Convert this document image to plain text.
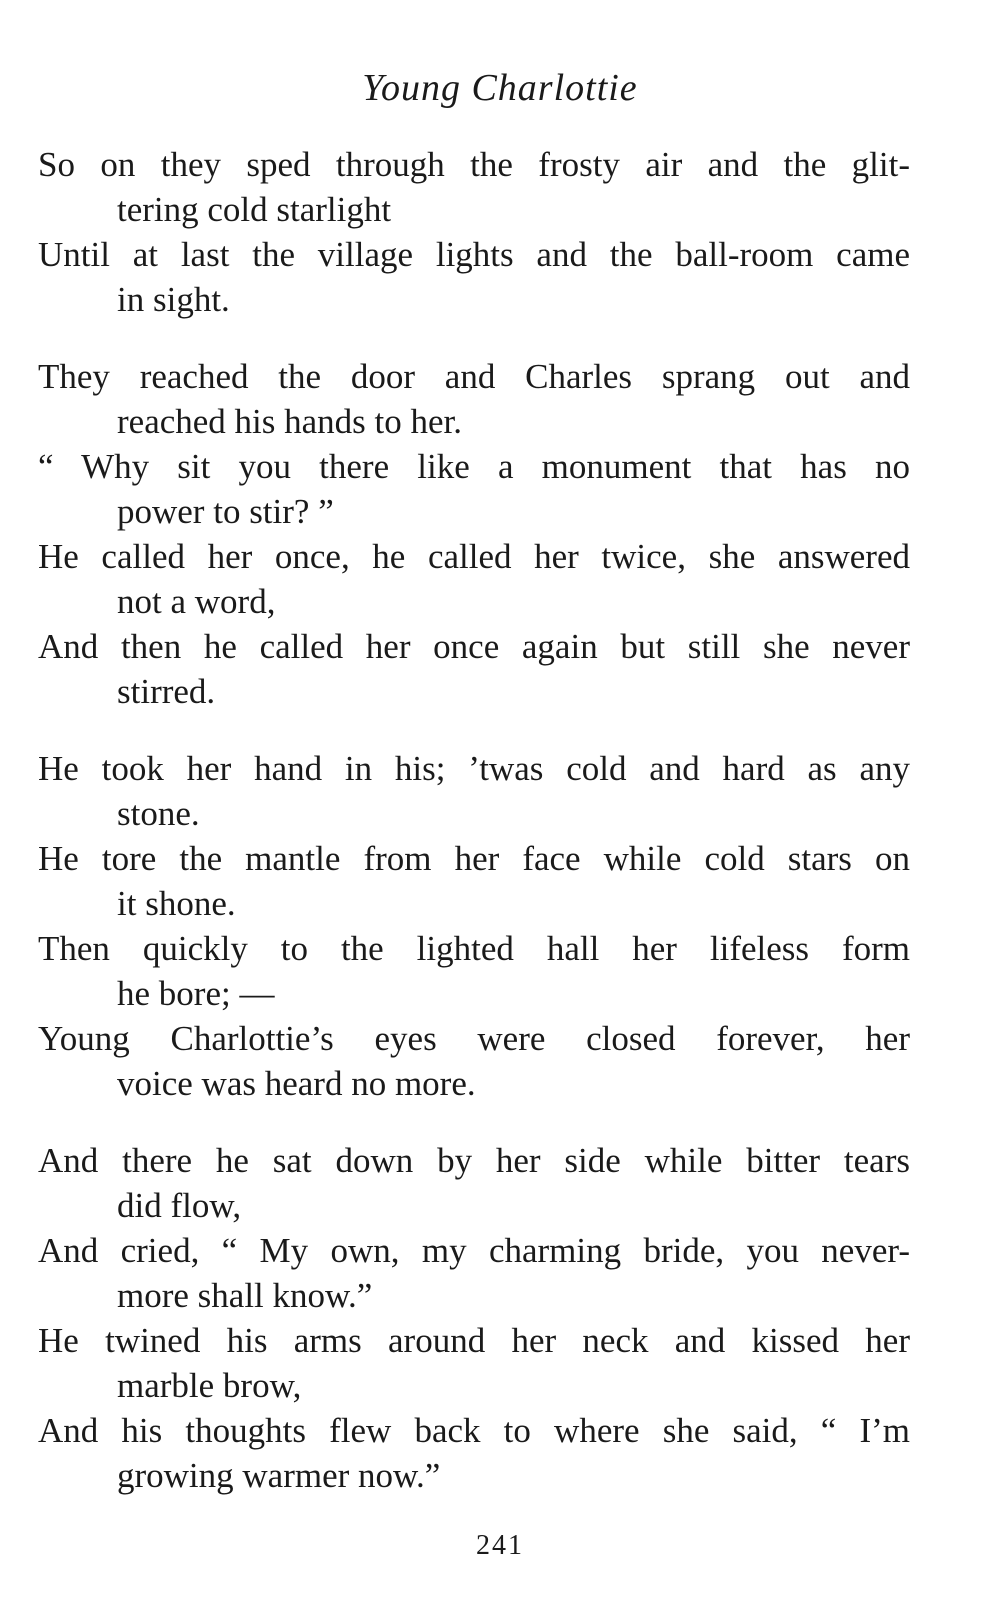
Young Charlottie
So on they sped through the frosty air and the glit-
tering cold starlight
Until at last the village lights and the ball-room came
in sight.
They reached the door and Charles sprang out and
reached his hands to her.
“ Why sit you there like a monument that has no
power to stir? ”
He called her once, he called her twice, she answered
not a word,
And then he called her once again but still she never
stirred.
He took her hand in his; ’twas cold and hard as any
stone.
He tore the mantle from her face while cold stars on
it shone.
Then quickly to the lighted hall her lifeless form
he bore; —
Young Charlottie’s eyes were closed forever, her
voice was heard no more.
And there he sat down by her side while bitter tears
did flow,
And cried, “ My own, my charming bride, you never-
more shall know.”
He twined his arms around her neck and kissed her
marble brow,
And his thoughts flew back to where she said, “ I’m
growing warmer now.”
241
